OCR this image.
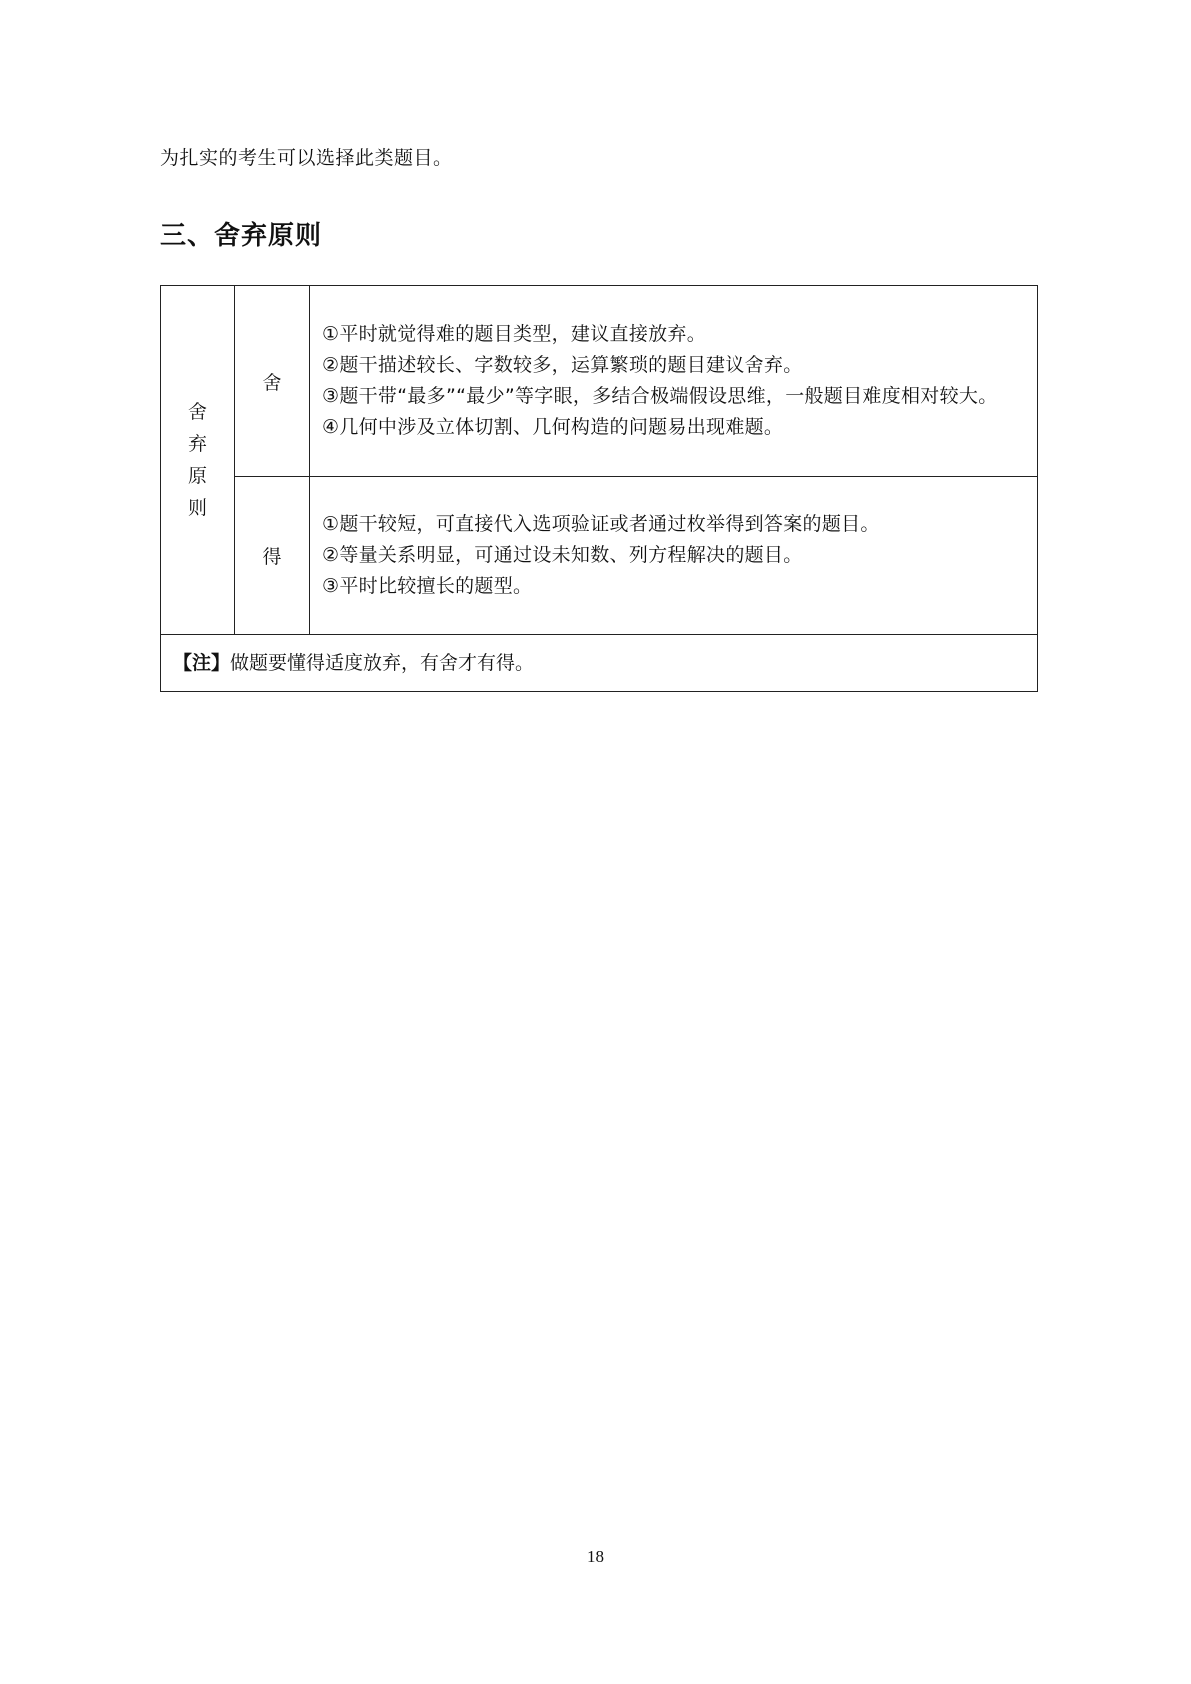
为扎实的考生可以选择此类题目。
三、舍弃原则
舍
弃
原
则	舍	①平时就觉得难的题目类型，建议直接放弃。
②题干描述较长、字数较多，运算繁琐的题目建议舍弃。
③题干带“最多”“最少”等字眼，多结合极端假设思维，一般题目难度相对较大。
④几何中涉及立体切割、几何构造的问题易出现难题。

	得	①题干较短，可直接代入选项验证或者通过枚举得到答案的题目。
②等量关系明显，可通过设未知数、列方程解决的题目。
③平时比较擅长的题型。

【注】做题要懂得适度放弃，有舍才有得。		
18
